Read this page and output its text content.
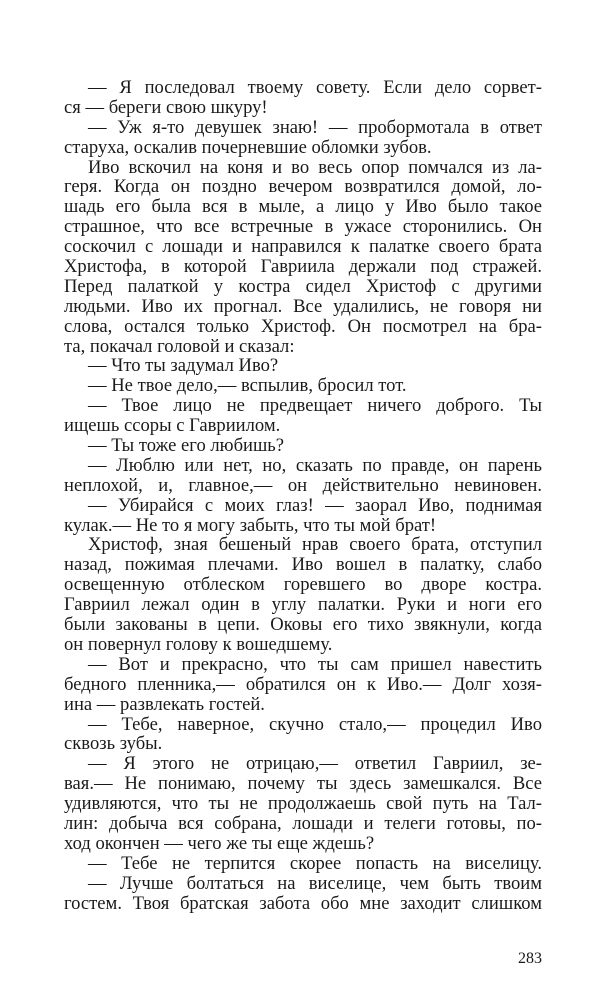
— Я последовал твоему совету. Если дело сорвет-
ся — береги свою шкуру!
— Уж я-то девушек знаю! — пробормотала в ответ
старуха, оскалив почерневшие обломки зубов.
Иво вскочил на коня и во весь опор помчался из ла-
геря. Когда он поздно вечером возвратился домой, ло-
шадь его была вся в мыле, а лицо у Иво было такое
страшное, что все встречные в ужасе сторонились. Он
соскочил с лошади и направился к палатке своего брата
Христофа, в которой Гавриила держали под стражей.
Перед палаткой у костра сидел Христоф с другими
людьми. Иво их прогнал. Все удалились, не говоря ни
слова, остался только Христоф. Он посмотрел на бра-
та, покачал головой и сказал:
— Что ты задумал Иво?
— Не твое дело,— вспылив, бросил тот.
— Твое лицо не предвещает ничего доброго. Ты
ищешь ссоры с Гавриилом.
— Ты тоже его любишь?
— Люблю или нет, но, сказать по правде, он парень
неплохой, и, главное,— он действительно невиновен.
— Убирайся с моих глаз! — заорал Иво, поднимая
кулак.— Не то я могу забыть, что ты мой брат!
Христоф, зная бешеный нрав своего брата, отступил
назад, пожимая плечами. Иво вошел в палатку, слабо
освещенную отблеском горевшего во дворе костра.
Гавриил лежал один в углу палатки. Руки и ноги его
были закованы в цепи. Оковы его тихо звякнули, когда
он повернул голову к вошедшему.
— Вот и прекрасно, что ты сам пришел навестить
бедного пленника,— обратился он к Иво.— Долг хозя-
ина — развлекать гостей.
— Тебе, наверное, скучно стало,— процедил Иво
сквозь зубы.
— Я этого не отрицаю,— ответил Гавриил, зе-
вая.— Не понимаю, почему ты здесь замешкался. Все
удивляются, что ты не продолжаешь свой путь на Тал-
лин: добыча вся собрана, лошади и телеги готовы, по-
ход окончен — чего же ты еще ждешь?
— Тебе не терпится скорее попасть на виселицу.
— Лучше болтаться на виселице, чем быть твоим
гостем. Твоя братская забота обо мне заходит слишком
283
